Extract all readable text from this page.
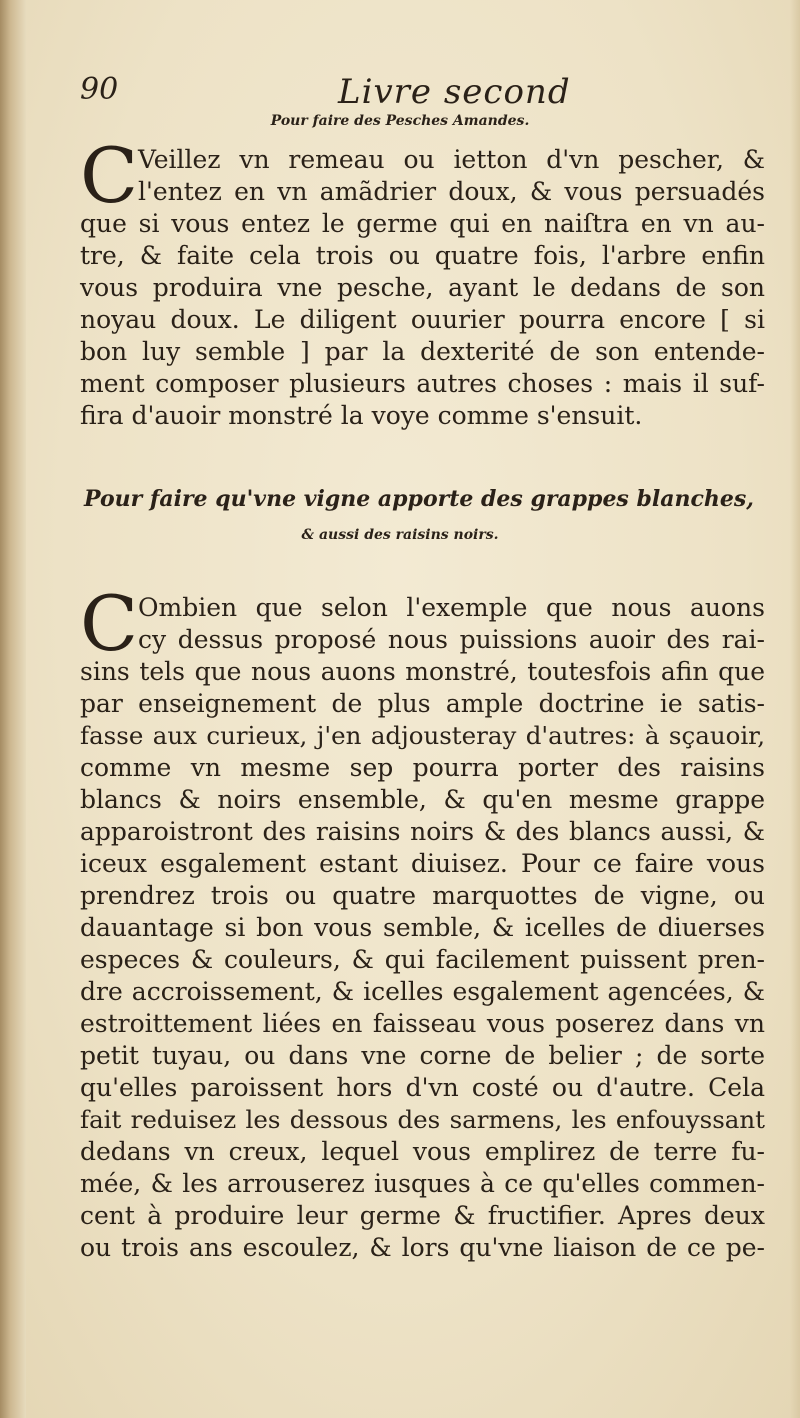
90	Livre second
Pour faire des Pesches Amandes.
C Veillez vn remeau ou ietton d'vn pescher, &
l'entez en vn amãdrier doux, & vous persuadés
que si vous entez le germe qui en naiſtra en vn au-
tre, & faite cela trois ou quatre fois, l'arbre enfin
vous produira vne pesche, ayant le dedans de son
noyau doux. Le diligent ouurier pourra encore [ si
bon luy semble ] par la dexterité de son entende-
ment composer plusieurs autres choses : mais il suf-
fira d'auoir monstré la voye comme s'ensuit.
Pour faire qu'vne vigne apporte des grappes blanches,
& aussi des raisins noirs.
C Ombien que selon l'exemple que nous auons
cy dessus proposé nous puissions auoir des rai-
sins tels que nous auons monstré, toutesfois afin que
par enseignement de plus ample doctrine ie satis-
fasse aux curieux, j'en adjousteray d'autres: à sçauoir,
comme vn mesme sep pourra porter des raisins
blancs & noirs ensemble, & qu'en mesme grappe
apparoistront des raisins noirs & des blancs aussi, &
iceux esgalement estant diuisez. Pour ce faire vous
prendrez trois ou quatre marquottes de vigne, ou
dauantage si bon vous semble, & icelles de diuerses
especes & couleurs, & qui facilement puissent pren-
dre accroissement, & icelles esgalement agencées, &
estroittement liées en faisseau vous poserez dans vn
petit tuyau, ou dans vne corne de belier ; de sorte
qu'elles paroissent hors d'vn costé ou d'autre. Cela
fait reduisez les dessous des sarmens, les enfouyssant
dedans vn creux, lequel vous emplirez de terre fu-
mée, & les arrouserez iusques à ce qu'elles commen-
cent à produire leur germe & fructifier. Apres deux
ou trois ans escoulez, & lors qu'vne liaison de ce pe-
